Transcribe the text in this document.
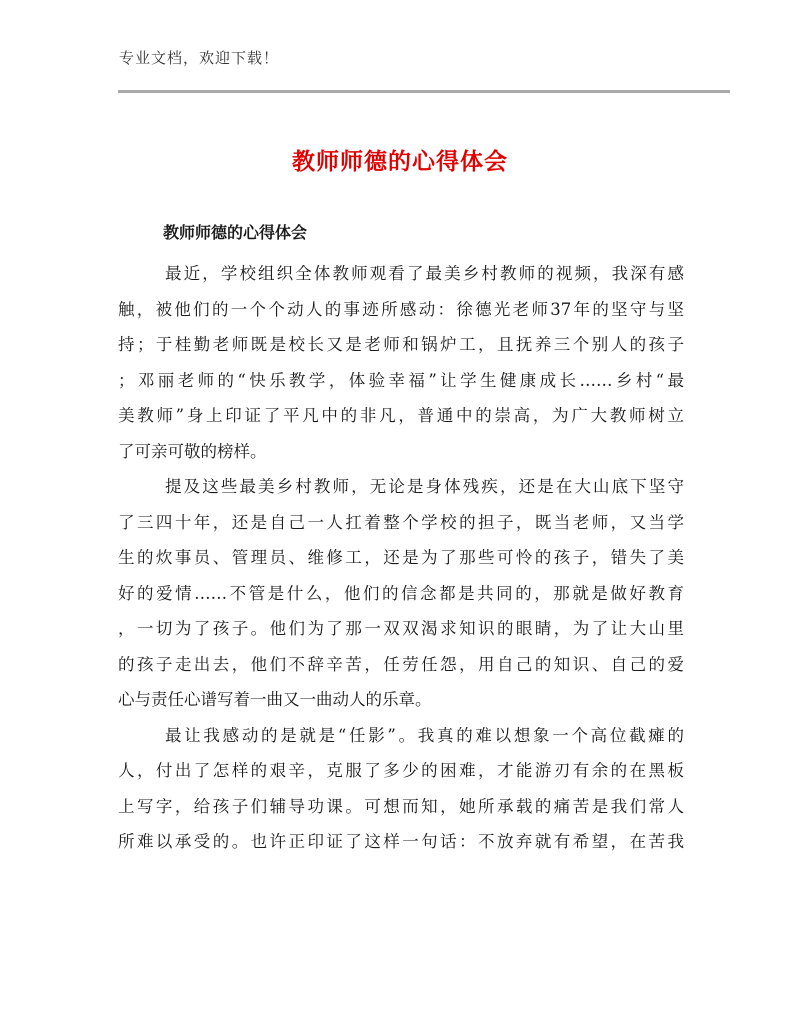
专业文档，欢迎下载！
教师师德的心得体会
教师师德的心得体会
最近，学校组织全体教师观看了最美乡村教师的视频，我深有感
触，被他们的一个个动人的事迹所感动：徐德光老师37年的坚守与坚
持；于桂勤老师既是校长又是老师和锅炉工，且抚养三个别人的孩子
；邓丽老师的“快乐教学，体验幸福”让学生健康成长……乡村“最
美教师”身上印证了平凡中的非凡，普通中的崇高，为广大教师树立
了可亲可敬的榜样。
提及这些最美乡村教师，无论是身体残疾，还是在大山底下坚守
了三四十年，还是自己一人扛着整个学校的担子，既当老师，又当学
生的炊事员、管理员、维修工，还是为了那些可怜的孩子，错失了美
好的爱情……不管是什么，他们的信念都是共同的，那就是做好教育
，一切为了孩子。他们为了那一双双渴求知识的眼睛，为了让大山里
的孩子走出去，他们不辞辛苦，任劳任怨，用自己的知识、自己的爱
心与责任心谱写着一曲又一曲动人的乐章。
最让我感动的是就是“任影”。我真的难以想象一个高位截瘫的
人，付出了怎样的艰辛，克服了多少的困难，才能游刃有余的在黑板
上写字，给孩子们辅导功课。可想而知，她所承载的痛苦是我们常人
所难以承受的。也许正印证了这样一句话：不放弃就有希望，在苦我
